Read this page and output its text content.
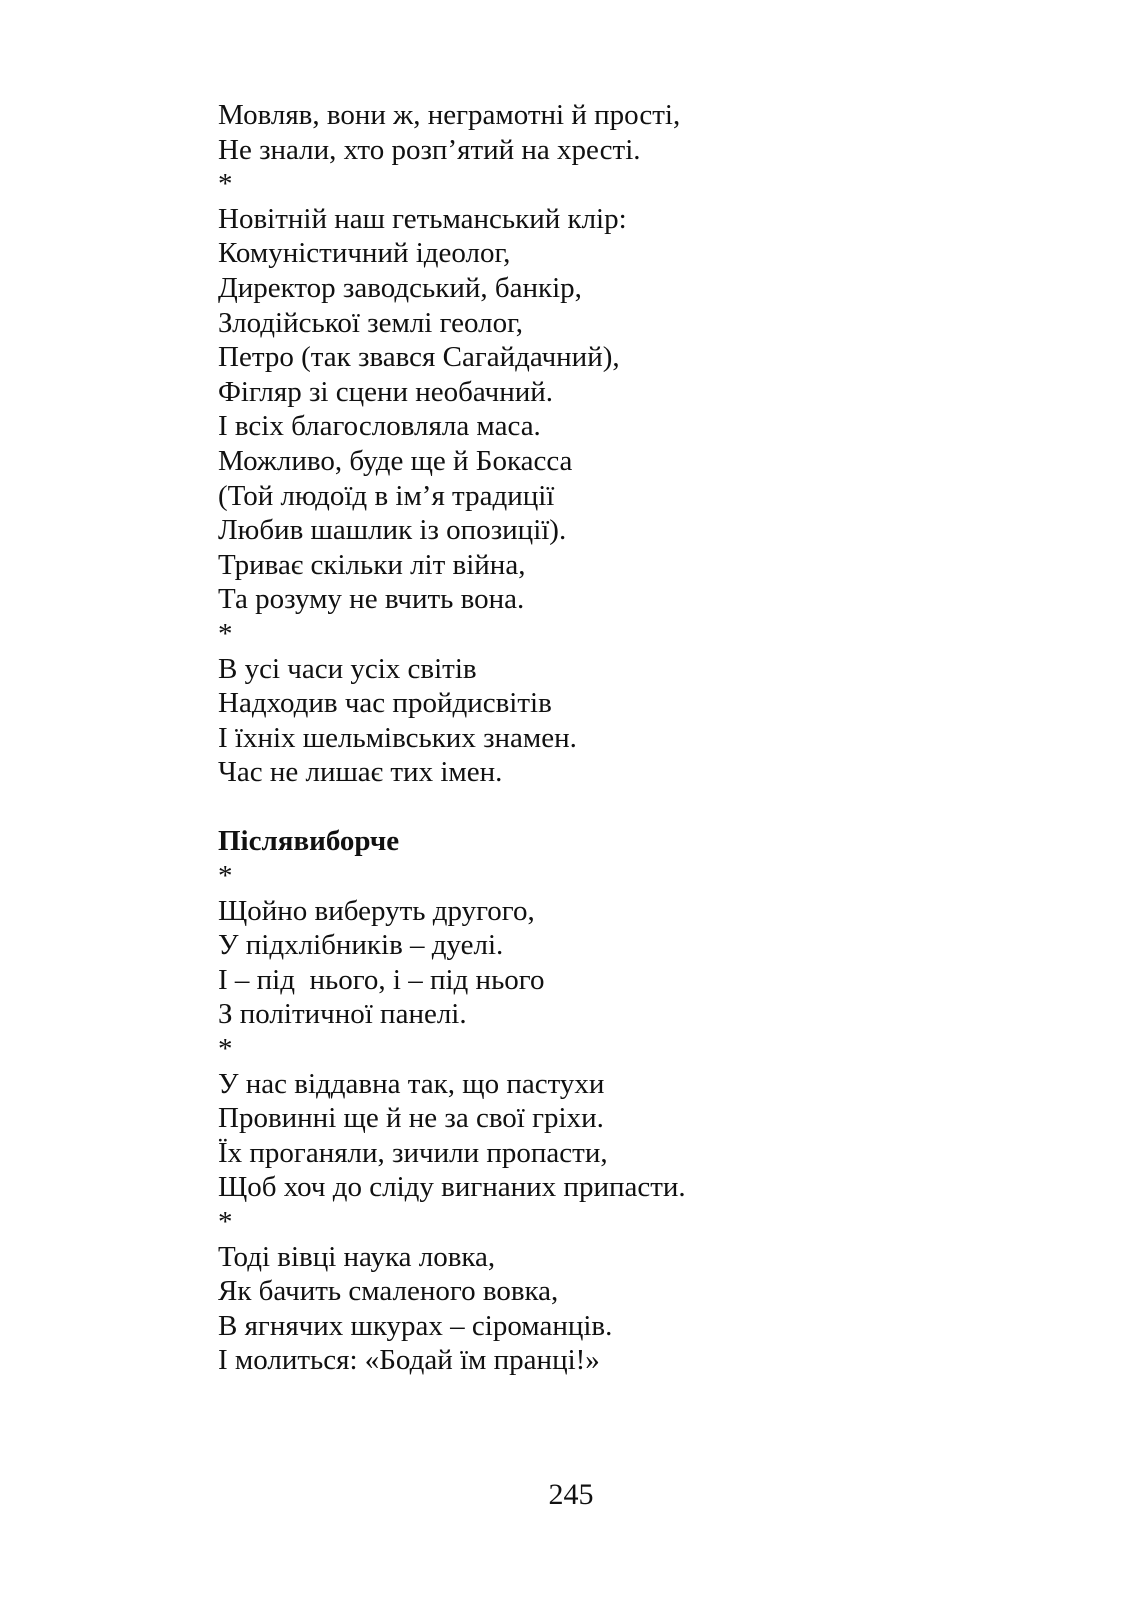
Мовляв, вони ж, неграмотні й прості,
Не знали, хто розп’ятий на хресті.
*
Новітній наш гетьманський клір:
Комуністичний ідеолог,
Директор заводський, банкір,
Злодійської землі геолог,
Петро (так звався Сагайдачний),
Фігляр зі сцени необачний.
І всіх благословляла маса.
Можливо, буде ще й Бокасса
(Той людоїд в ім’я традиції
Любив шашлик із опозиції).
Триває скільки літ війна,
Та розуму не вчить вона.
*
В усі часи усіх світів
Надходив час пройдисвітів
І їхніх шельмівських знамен.
Час не лишає тих імен.
Післявиборче
*
Щойно виберуть другого,
У підхлібників – дуелі.
І – під  нього, і – під нього
З політичної панелі.
*
У нас віддавна так, що пастухи
Провинні ще й не за свої гріхи.
Їх проганяли, зичили пропасти,
Щоб хоч до сліду вигнаних припасти.
*
Тоді вівці наука ловка,
Як бачить смаленого вовка,
В ягнячих шкурах – сіроманців.
І молиться: «Бодай їм пранці!»
245
